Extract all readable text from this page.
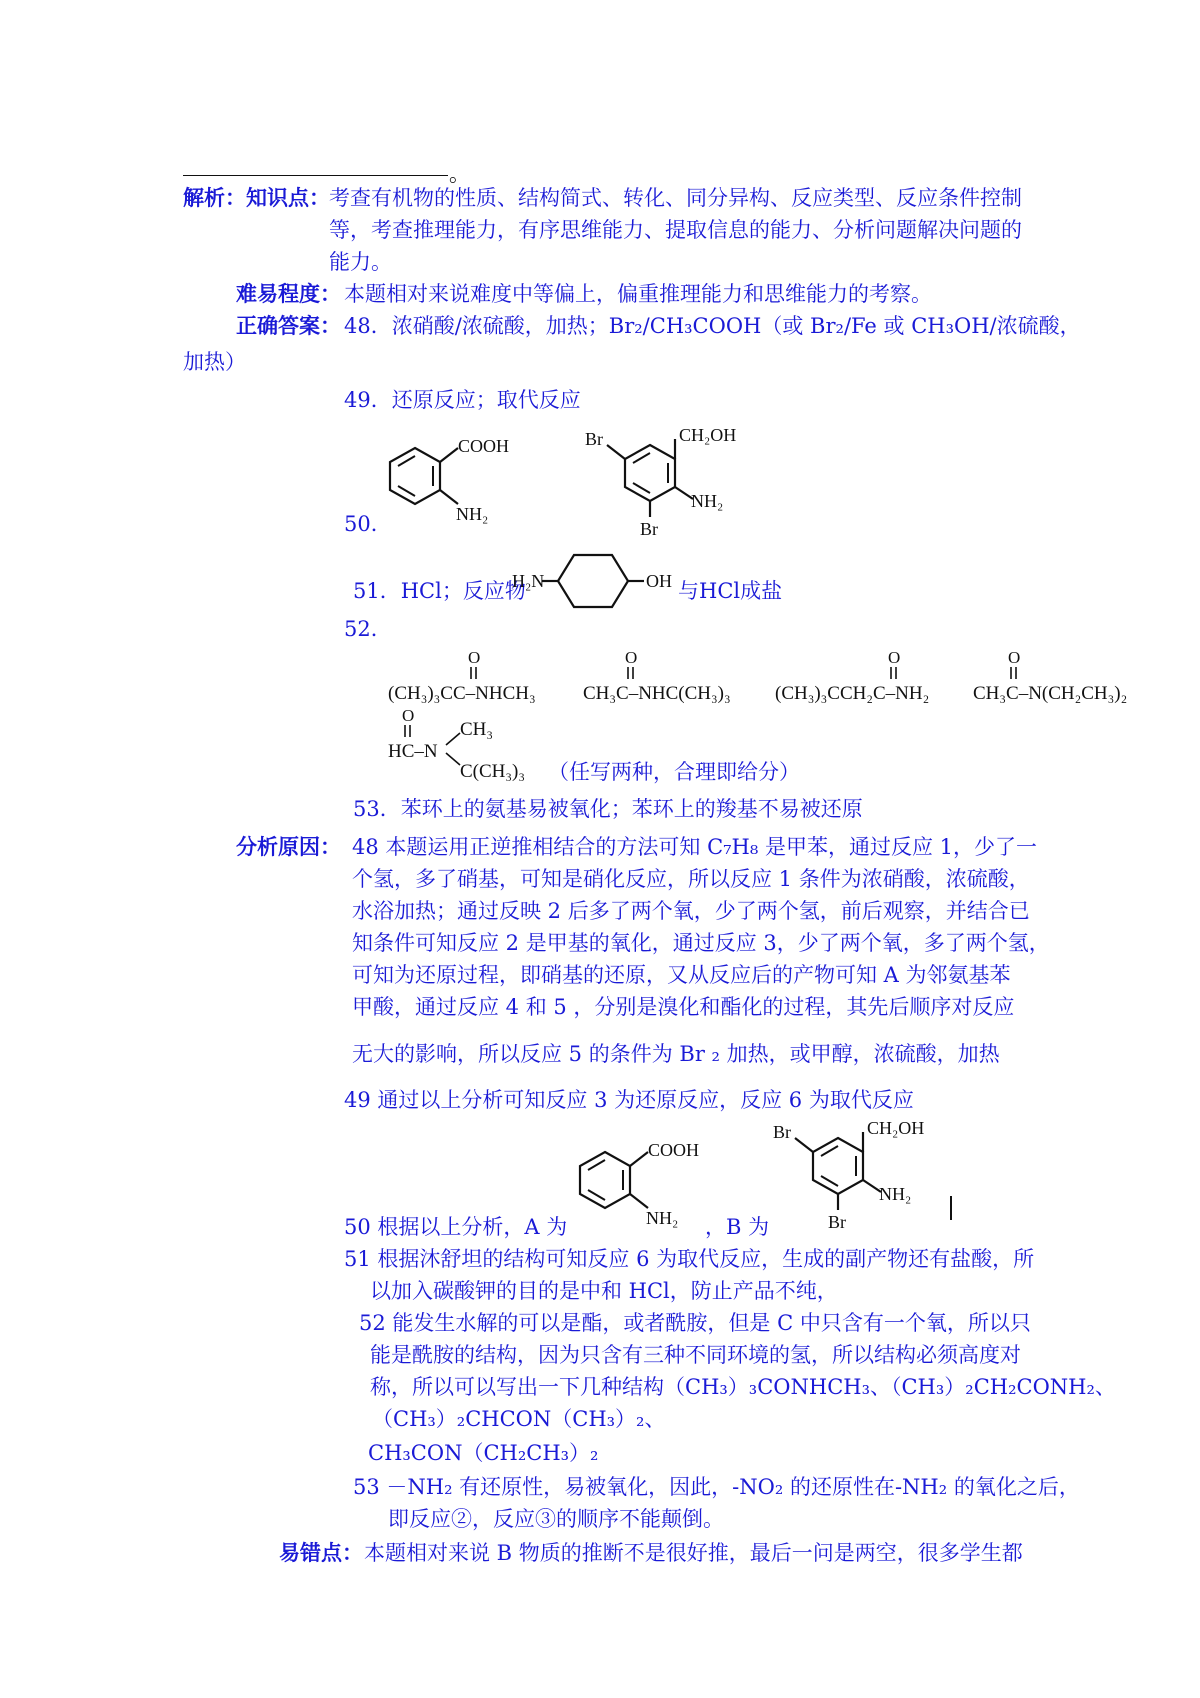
。
解析：知识点： 考查有机物的性质、结构简式、转化、同分异构、反应类型、反应条件控制
等，考查推理能力，有序思维能力、提取信息的能力、分析问题解决问题的
能力。
难易程度： 本题相对来说难度中等偏上，偏重推理能力和思维能力的考察。
正确答案： 48．浓硝酸/浓硫酸，加热；Br₂/CH₃COOH（或 Br₂/Fe 或 CH₃OH/浓硫酸，
加热）
49．还原反应；取代反应
50．
COOH
NH₂
Br	CH₂OH
NH₂
Br
51．HCl；反应物
H₂N	OH 与HCl成盐
52．
O
(CH₃)₃CC–NHCH₃
O
CH₃C–NHC(CH₃)₃
O
(CH₃)₃CCH₂C–NH₂
O
CH₃C–N(CH₂CH₃)₂
O
HC–N
CH₃
C(CH₃)₃ （任写两种，合理即给分）
53．苯环上的氨基易被氧化；苯环上的羧基不易被还原
分析原因： 48 本题运用正逆推相结合的方法可知 C₇H₈ 是甲苯，通过反应 1，少了一
个氢，多了硝基，可知是硝化反应，所以反应 1 条件为浓硝酸，浓硫酸，
水浴加热；通过反映 2 后多了两个氧，少了两个氢，前后观察，并结合已
知条件可知反应 2 是甲基的氧化，通过反应 3，少了两个氧，多了两个氢，
可知为还原过程，即硝基的还原，又从反应后的产物可知 A 为邻氨基苯
甲酸，通过反应 4 和 5 ，分别是溴化和酯化的过程，其先后顺序对反应
无大的影响，所以反应 5 的条件为 Br ₂ 加热，或甲醇，浓硫酸，加热
49 通过以上分析可知反应 3 为还原反应，反应 6 为取代反应
50 根据以上分析，A 为
COOH
NH₂ ，B 为
Br	CH₂OH
NH₂
Br
51 根据沐舒坦的结构可知反应 6 为取代反应，生成的副产物还有盐酸，所
以加入碳酸钾的目的是中和 HCl，防止产品不纯，
52 能发生水解的可以是酯，或者酰胺，但是 C 中只含有一个氧，所以只
能是酰胺的结构，因为只含有三种不同环境的氢，所以结构必须高度对
称，所以可以写出一下几种结构（CH₃）₃CONHCH₃、（CH₃）₂CH₂CONH₂、
（CH₃）₂CHCON（CH₃）₂、
CH₃CON（CH₂CH₃）₂
53 －NH₂ 有还原性，易被氧化，因此，-NO₂ 的还原性在-NH₂ 的氧化之后，
即反应②，反应③的顺序不能颠倒。
易错点： 本题相对来说 B 物质的推断不是很好推，最后一问是两空，很多学生都
